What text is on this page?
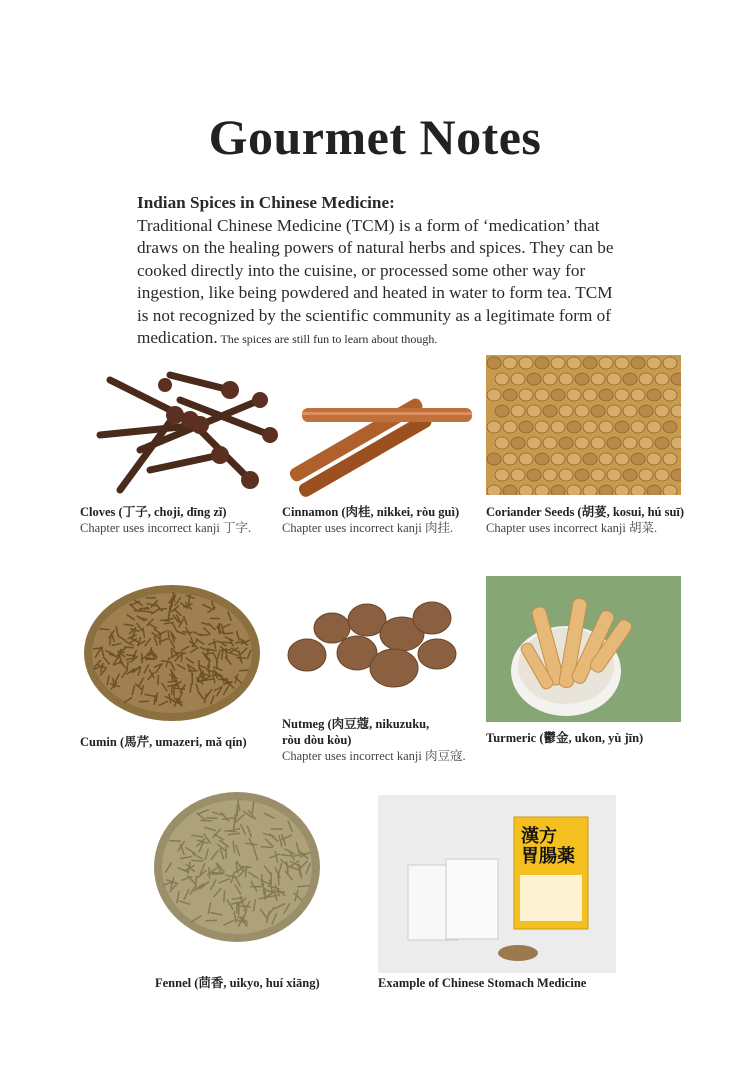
Gourmet Notes
Indian Spices in Chinese Medicine:
Traditional Chinese Medicine (TCM) is a form of ‘medication’ that draws on the healing powers of natural herbs and spices. They can be cooked directly into the cuisine, or processed some other way for ingestion, like being powdered and heated in water to form tea. TCM is not recognized by the scientific community as a legitimate form of medication. The spices are still fun to learn about though.
Cloves (丁子, choji, dīng zǐ)
Chapter uses incorrect kanji 丁字.
Cinnamon (肉桂, nikkei, ròu guì)
Chapter uses incorrect kanji 肉挂.
Coriander Seeds (胡荽, kosui, hú suī)
Chapter uses incorrect kanji 胡菜.
Cumin (馬芹, umazeri, mǎ qín)
Nutmeg (肉豆蔻, nikuzuku,
ròu dòu kòu)
Chapter uses incorrect kanji 肉豆寇.
Turmeric (鬱金, ukon, yù jīn)
Fennel (茴香, uikyo, huí xiāng)
漢方
胃腸薬
Example of Chinese Stomach Medicine
